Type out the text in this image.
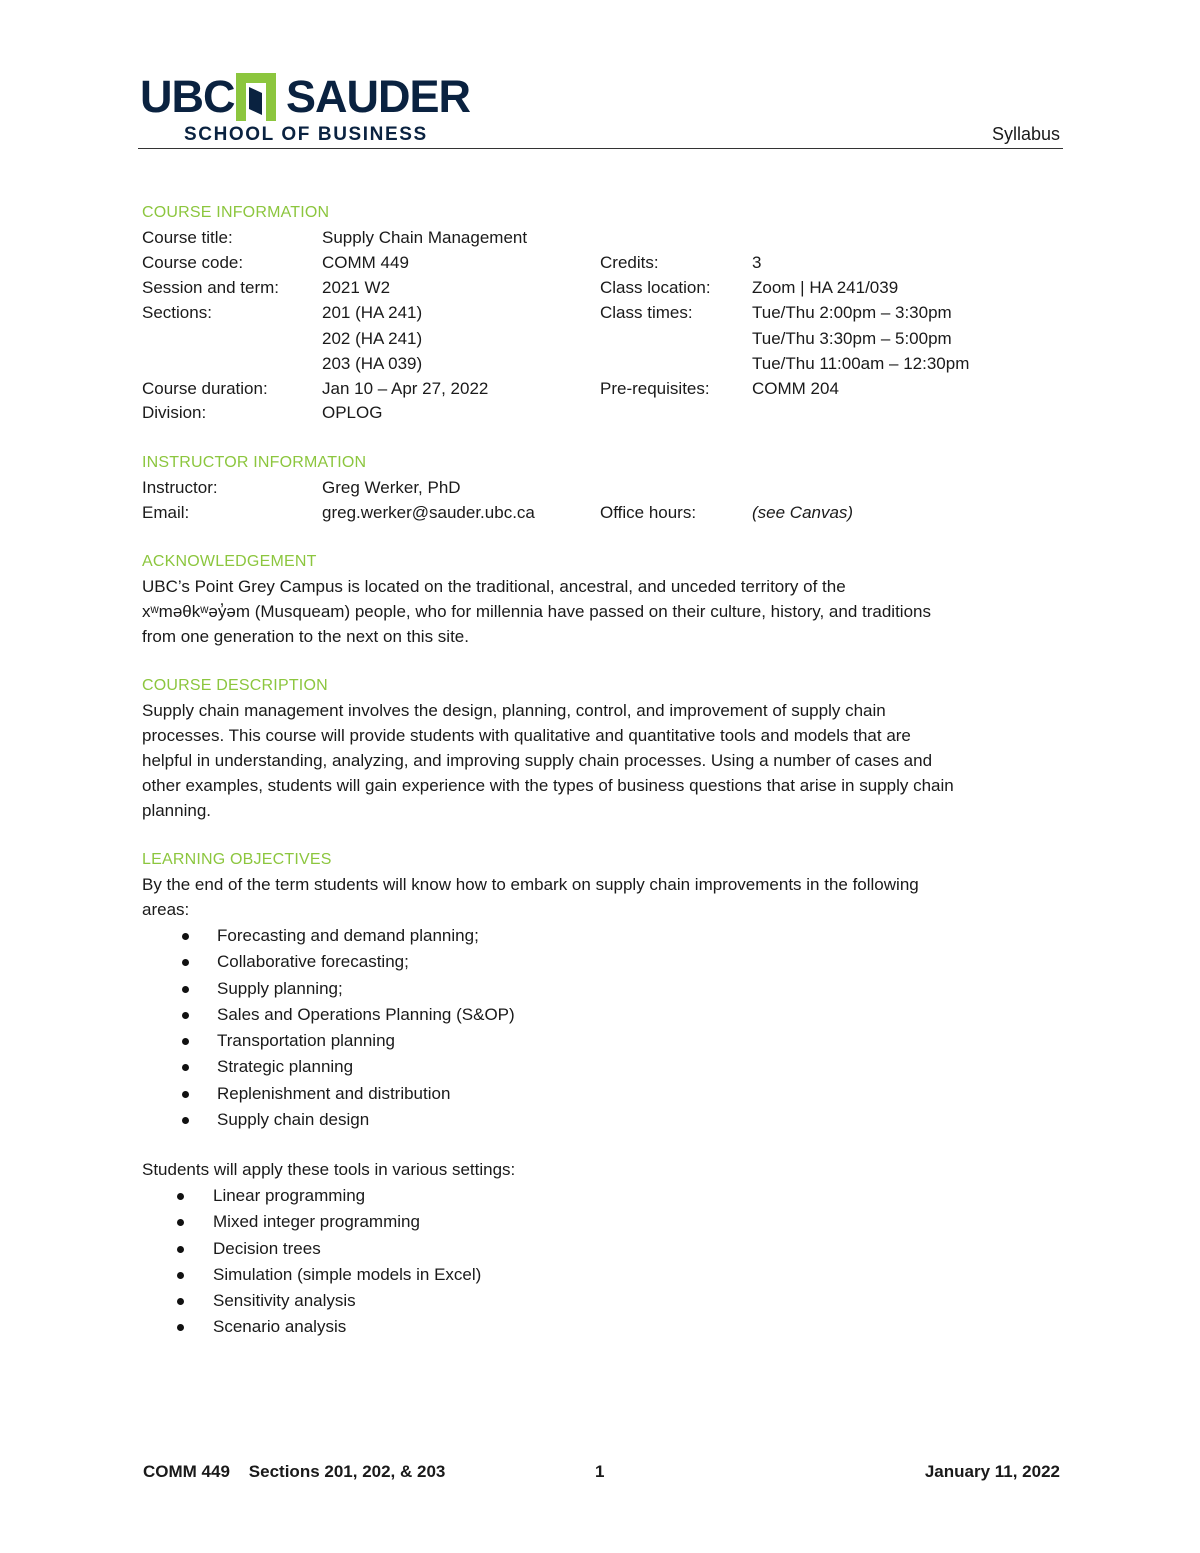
UBC SAUDER
SCHOOL OF BUSINESS	Syllabus
COURSE INFORMATION
Course title:	Supply Chain Management
Course code:	COMM 449	Credits:	3
Session and term:	2021 W2	Class location: Zoom | HA 241/039
Sections:	201 (HA 241)	Class times:	Tue/Thu 2:00pm – 3:30pm
202 (HA 241)	Tue/Thu 3:30pm – 5:00pm
203 (HA 039)	Tue/Thu 11:00am – 12:30pm
Course duration:	Jan 10 – Apr 27, 2022	Pre-requisites: COMM 204
Division:	OPLOG
INSTRUCTOR INFORMATION
Instructor:	Greg Werker, PhD
Email:	greg.werker@sauder.ubc.ca	Office hours:	(see Canvas)
ACKNOWLEDGEMENT
UBC’s Point Grey Campus is located on the traditional, ancestral, and unceded territory of the
xʷməθkʷəy̓əm (Musqueam) people, who for millennia have passed on their culture, history, and traditions
from one generation to the next on this site.
COURSE DESCRIPTION
Supply chain management involves the design, planning, control, and improvement of supply chain
processes. This course will provide students with qualitative and quantitative tools and models that are
helpful in understanding, analyzing, and improving supply chain processes. Using a number of cases and
other examples, students will gain experience with the types of business questions that arise in supply chain
planning.
LEARNING OBJECTIVES
By the end of the term students will know how to embark on supply chain improvements in the following
areas:
Forecasting and demand planning;
Collaborative forecasting;
Supply planning;
Sales and Operations Planning (S&OP)
Transportation planning
Strategic planning
Replenishment and distribution
Supply chain design
Students will apply these tools in various settings:
Linear programming
Mixed integer programming
Decision trees
Simulation (simple models in Excel)
Sensitivity analysis
Scenario analysis
COMM 449    Sections 201, 202, & 203	1	January 11, 2022
